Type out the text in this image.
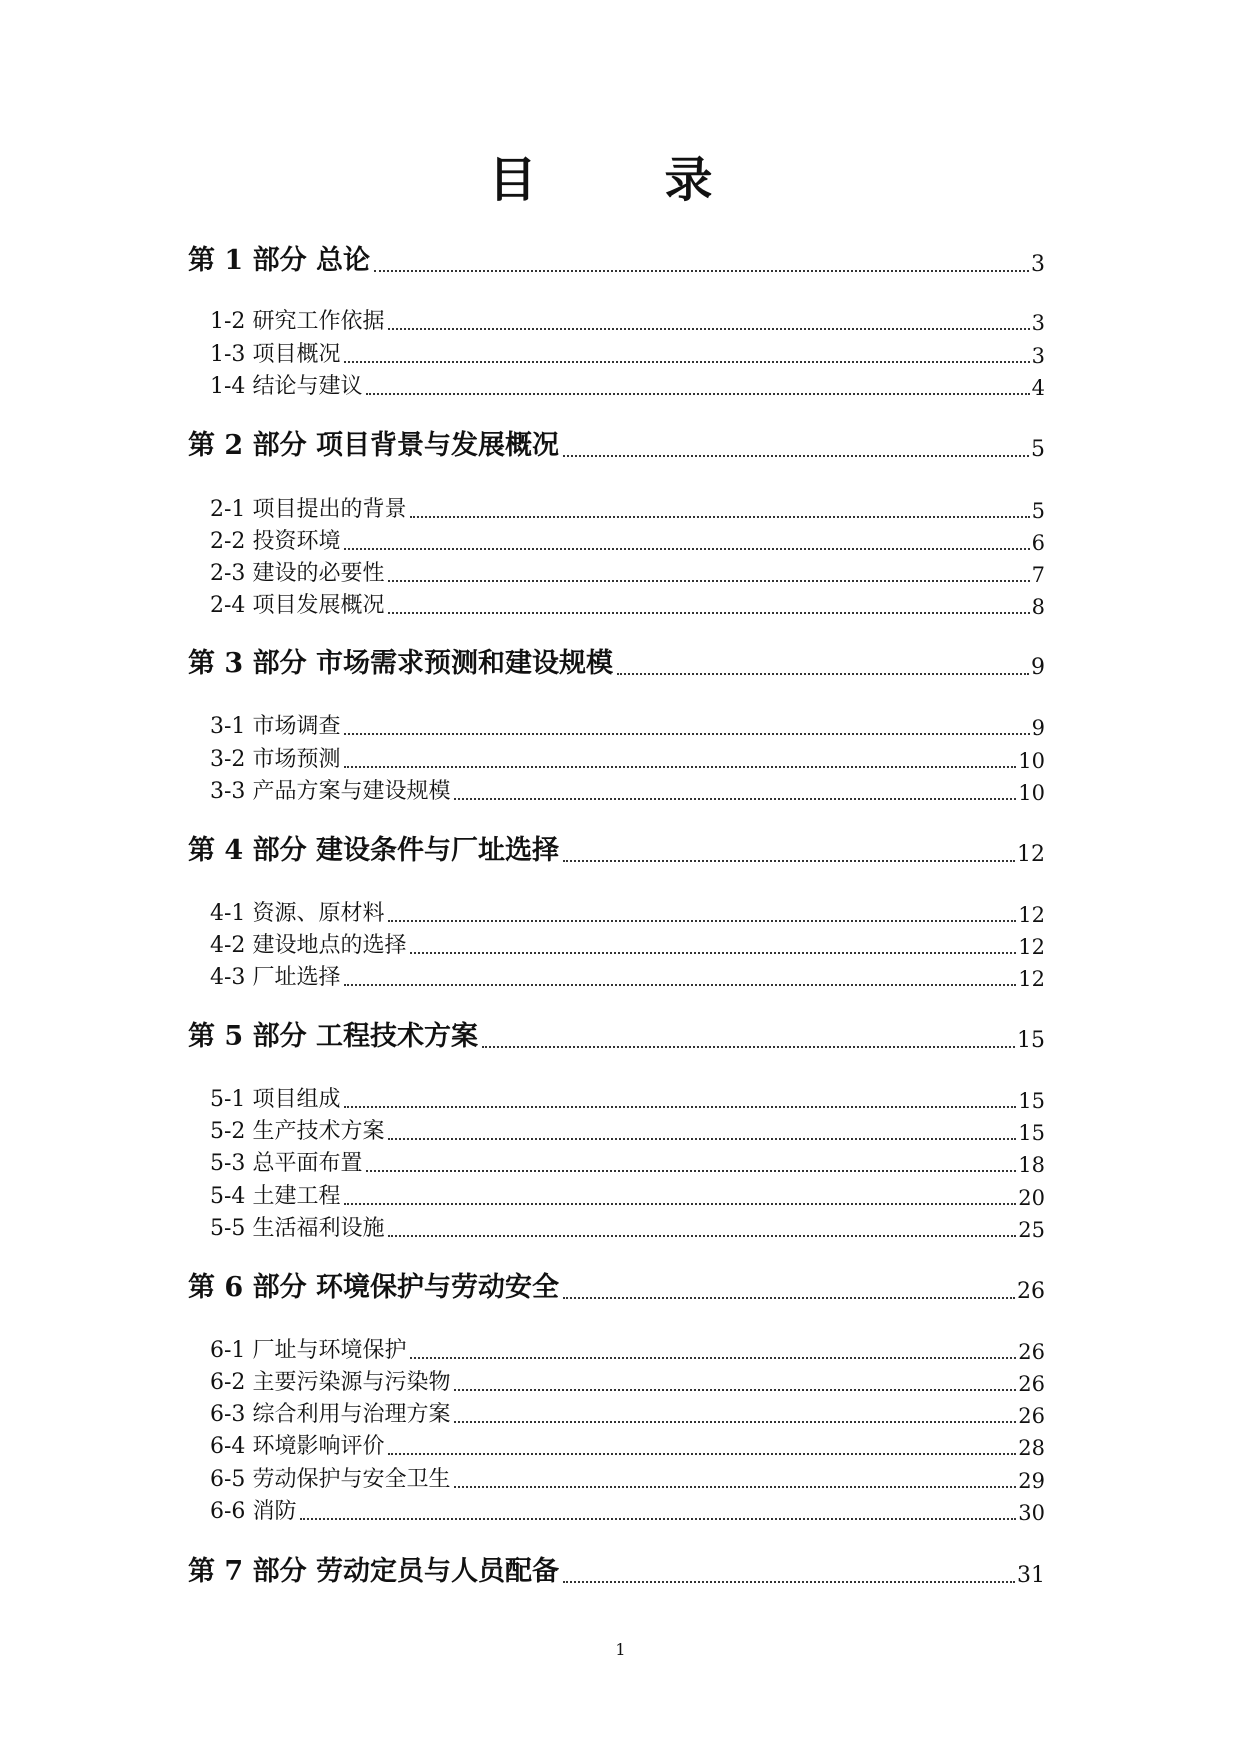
目　录
第 1 部分 总论	3
1-2 研究工作依据	3
1-3 项目概况	3
1-4 结论与建议	4
第 2 部分 项目背景与发展概况	5
2-1 项目提出的背景	5
2-2 投资环境	6
2-3 建设的必要性	7
2-4 项目发展概况	8
第 3 部分 市场需求预测和建设规模	9
3-1 市场调查	9
3-2 市场预测	10
3-3 产品方案与建设规模	10
第 4 部分 建设条件与厂址选择	12
4-1 资源、原材料	12
4-2 建设地点的选择	12
4-3 厂址选择	12
第 5 部分 工程技术方案	15
5-1 项目组成	15
5-2 生产技术方案	15
5-3 总平面布置	18
5-4 土建工程	20
5-5 生活福利设施	25
第 6 部分 环境保护与劳动安全	26
6-1 厂址与环境保护	26
6-2 主要污染源与污染物	26
6-3 综合利用与治理方案	26
6-4 环境影响评价	28
6-5 劳动保护与安全卫生	29
6-6 消防	30
第 7 部分 劳动定员与人员配备	31
1
